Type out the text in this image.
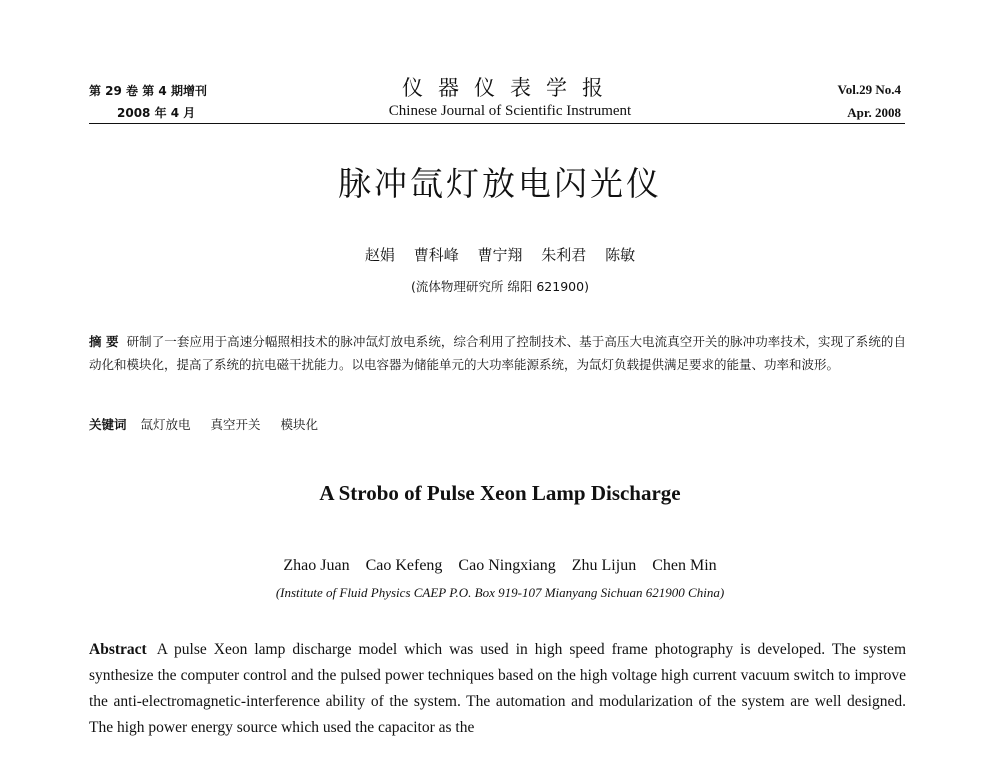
第 29 卷 第 4 期增刊
2008 年 4 月
仪器仪表学报
Chinese Journal of Scientific Instrument
Vol.29 No.4
Apr. 2008
脉冲氙灯放电闪光仪
赵娟 曹科峰 曹宁翔 朱利君 陈敏
(流体物理研究所 绵阳 621900)
摘 要 研制了一套应用于高速分幅照相技术的脉冲氙灯放电系统，综合利用了控制技术、基于高压大电流真空开关的脉冲功率技术，实现了系统的自动化和模块化，提高了系统的抗电磁干扰能力。以电容器为储能单元的大功率能源系统，为氙灯负载提供满足要求的能量、功率和波形。
关键词 氙灯放电 真空开关 模块化
A Strobo of Pulse Xeon Lamp Discharge
Zhao Juan Cao Kefeng Cao Ningxiang Zhu Lijun Chen Min
(Institute of Fluid Physics CAEP P.O. Box 919-107 Mianyang Sichuan 621900 China)
Abstract A pulse Xeon lamp discharge model which was used in high speed frame photography is developed. The system synthesize the computer control and the pulsed power techniques based on the high voltage high current vacuum switch to improve the anti-electromagnetic-interference ability of the system. The automation and modularization of the system are well designed. The high power energy source which used the capacitor as the
